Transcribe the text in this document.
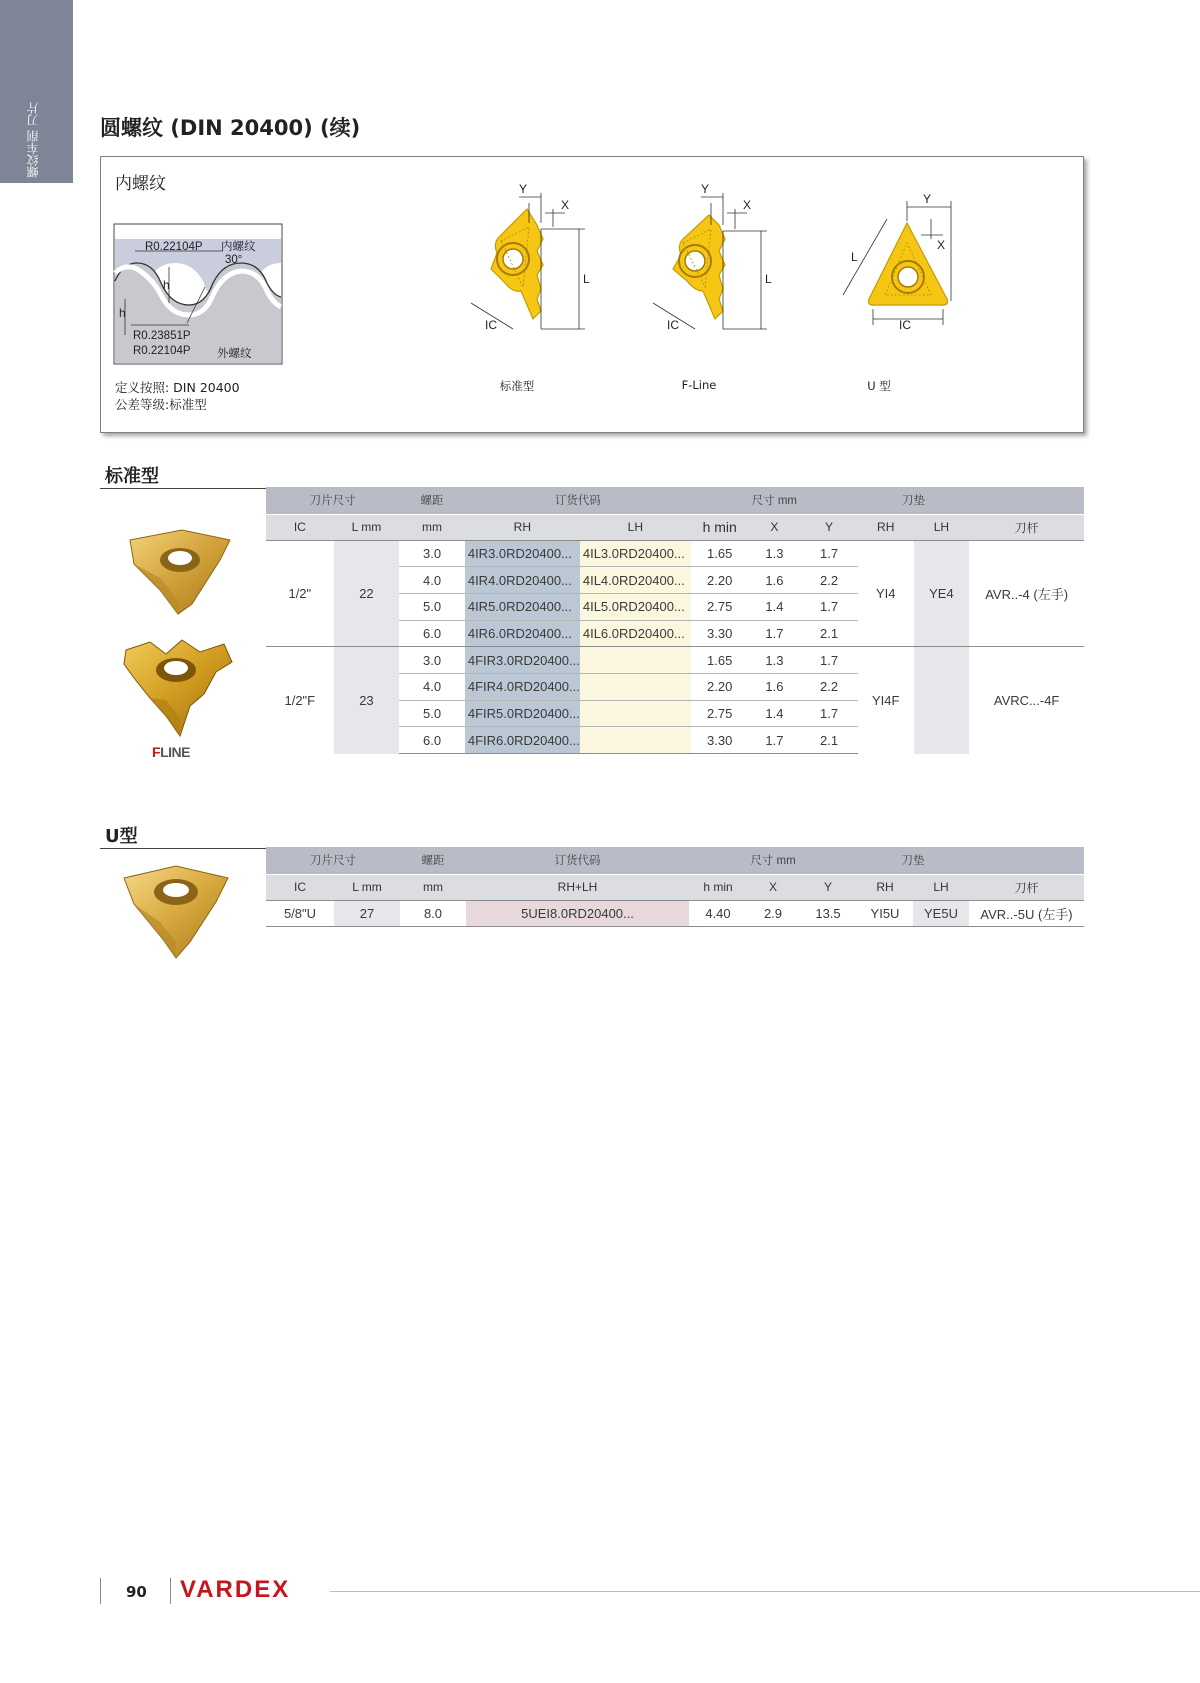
螺纹车削 刀片	圆螺纹 (DIN 20400) (续)
内螺纹
R0.22104P 内螺纹
30°
h
h
R0.23851P
R0.22104P 外螺纹
定义按照: DIN 20400
公差等级:标准型
Y
X
L
IC
标准型
Y
X
L
IC
F-Line
Y
X
L
IC
U 型
标准型
FLINE
刀片尺寸		螺距	订货代码		尺寸 mm			刀垫		
IC	L mm	mm	RH	LH	h min	X	Y	RH	LH	刀杆
1/2"	22	3.0	4IR3.0RD20400...	4IL3.0RD20400...	1.65	1.3	1.7	YI4	YE4	AVR..-4 (左手)
		4.0	4IR4.0RD20400...	4IL4.0RD20400...	2.20	1.6	2.2			
		5.0	4IR5.0RD20400...	4IL5.0RD20400...	2.75	1.4	1.7			
		6.0	4IR6.0RD20400...	4IL6.0RD20400...	3.30	1.7	2.1			
1/2"F	23	3.0	4FIR3.0RD20400...		1.65	1.3	1.7	YI4F		AVRC...-4F
		4.0	4FIR4.0RD20400...		2.20	1.6	2.2			
		5.0	4FIR5.0RD20400...		2.75	1.4	1.7			
		6.0	4FIR6.0RD20400...		3.30	1.7	2.1			
U型
刀片尺寸		螺距	订货代码	尺寸 mm			刀垫		
IC	L mm	mm	RH+LH	h min	X	Y	RH	LH	刀杆
5/8"U	27	8.0	5UEI8.0RD20400...	4.40	2.9	13.5	YI5U	YE5U	AVR..-5U (左手)
90 VARDEX
